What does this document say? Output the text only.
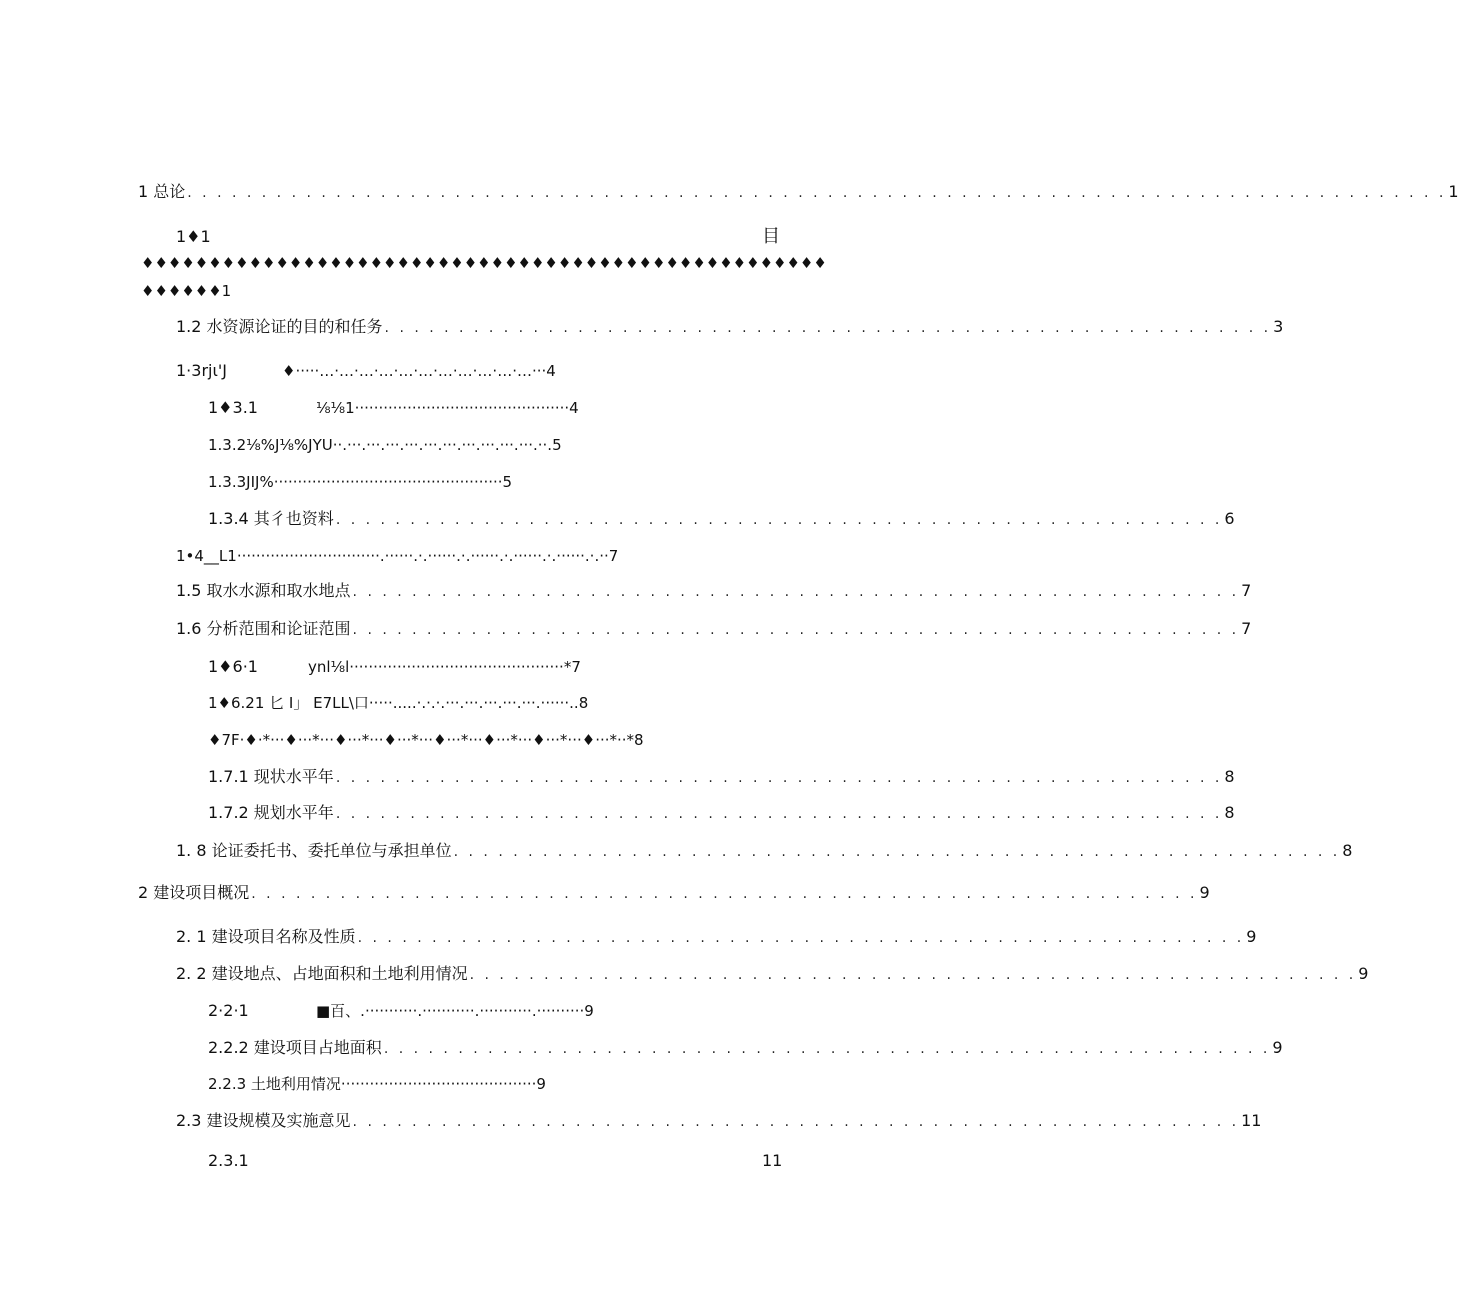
1 总论 . . . . . . . . . . . . . . . . . . . . . . . . . . . . . . . . . . . . . . . . . . . . . . . . . . . . . . . . . . . . . . . . . . . . . . . . . . . . . . . . . . . . . 1
1♦1	目
♦♦♦♦♦♦♦♦♦♦♦♦♦♦♦♦♦♦♦♦♦♦♦♦♦♦♦♦♦♦♦♦♦♦♦♦♦♦♦♦♦♦♦♦♦♦♦♦♦♦♦
♦♦♦♦♦♦1
1.2 水资源论证的目的和任务 . . . . . . . . . . . . . . . . . . . . . . . . . . . . . . . . . . . . . . . . . . . . . . . . . . . . . . . . . . . . 3
1·3rjι'J	♦·····…·…·…·…·…·…·…·…·…·…·…···4
1♦3.1	⅛⅛1·············································4
1.3.2⅛%J⅛%JYU··.···.···.···.···.···.···.···.···.···.···.··.5
1.3.3JIJ%················································5
1.3.4 其彳也资料 . . . . . . . . . . . . . . . . . . . . . . . . . . . . . . . . . . . . . . . . . . . . . . . . . . . . . . . . . . . . 6
1•4__L1······························.······.·.······.·.······.·.······.·.······.·.··7
1.5 取水水源和取水地点 . . . . . . . . . . . . . . . . . . . . . . . . . . . . . . . . . . . . . . . . . . . . . . . . . . . . . . . . . . . . 7
1.6 分析范围和论证范围 . . . . . . . . . . . . . . . . . . . . . . . . . . . . . . . . . . . . . . . . . . . . . . . . . . . . . . . . . . . . 7
1♦6·1	ynl⅛l·············································*7
1♦6.21 匕 I」 E7LL\口·····.....·.·.·.···.···.···.···.···.······..8
♦7F·♦·*···♦···*···♦···*···♦···*···♦···*···♦···*···♦···*···♦···*··*8
1.7.1 现状水平年 . . . . . . . . . . . . . . . . . . . . . . . . . . . . . . . . . . . . . . . . . . . . . . . . . . . . . . . . . . . . 8
1.7.2 规划水平年 . . . . . . . . . . . . . . . . . . . . . . . . . . . . . . . . . . . . . . . . . . . . . . . . . . . . . . . . . . . . 8
1. 8 论证委托书、委托单位与承担单位 . . . . . . . . . . . . . . . . . . . . . . . . . . . . . . . . . . . . . . . . . . . . . . . . . . . . . . . . . . . . 8
2 建设项目概况 . . . . . . . . . . . . . . . . . . . . . . . . . . . . . . . . . . . . . . . . . . . . . . . . . . . . . . . . . . . . . . . . 9
2. 1 建设项目名称及性质 . . . . . . . . . . . . . . . . . . . . . . . . . . . . . . . . . . . . . . . . . . . . . . . . . . . . . . . . . . . . 9
2. 2 建设地点、占地面积和土地利用情况 . . . . . . . . . . . . . . . . . . . . . . . . . . . . . . . . . . . . . . . . . . . . . . . . . . . . . . . . . . . . 9
2·2·1	■百、.···········.···········.···········.··········9
2.2.2 建设项目占地面积 . . . . . . . . . . . . . . . . . . . . . . . . . . . . . . . . . . . . . . . . . . . . . . . . . . . . . . . . . . . . 9
2.2.3 土地利用情况·········································9
2.3 建设规模及实施意见 . . . . . . . . . . . . . . . . . . . . . . . . . . . . . . . . . . . . . . . . . . . . . . . . . . . . . . . . . . . . 11
2.3.1	11
